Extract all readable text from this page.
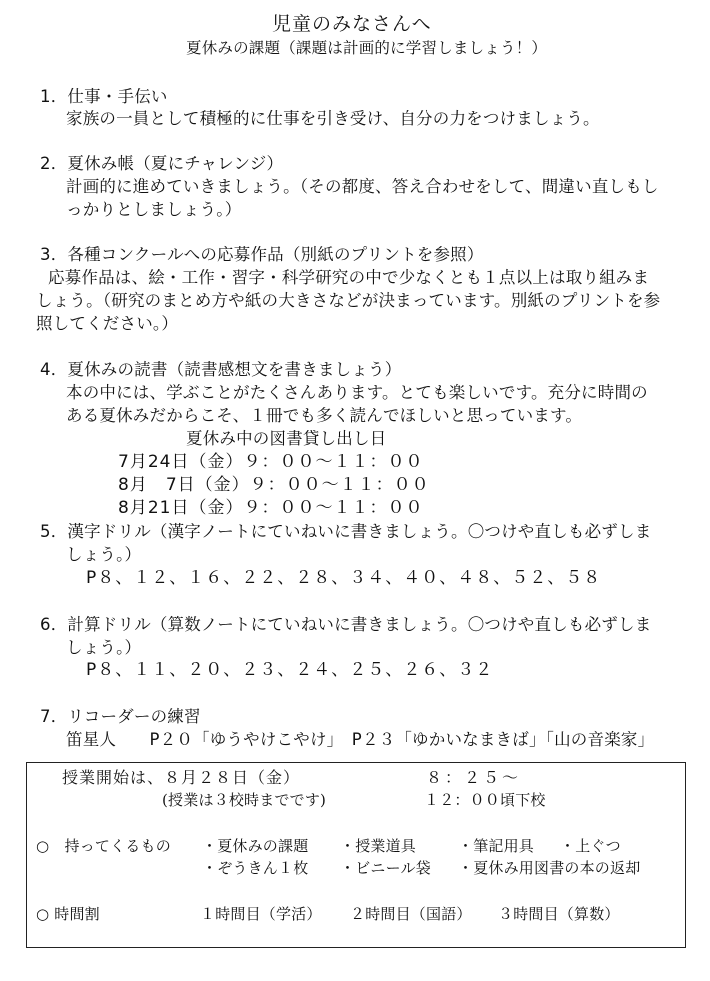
児童のみなさんへ
夏休みの課題（課題は計画的に学習しましょう！）
1．仕事・手伝い
家族の一員として積極的に仕事を引き受け、自分の力をつけましょう。
2．夏休み帳（夏にチャレンジ）
計画的に進めていきましょう。（その都度、答え合わせをして、間違い直しもし
っかりとしましょう。）
3．各種コンクールへの応募作品（別紙のプリントを参照）
応募作品は、絵・工作・習字・科学研究の中で少なくとも１点以上は取り組みま
しょう。（研究のまとめ方や紙の大きさなどが決まっています。別紙のプリントを参
照してください。）
4．夏休みの読書（読書感想文を書きましょう）
本の中には、学ぶことがたくさんあります。とても楽しいです。充分に時間の
ある夏休みだからこそ、１冊でも多く読んでほしいと思っています。
夏休み中の図書貸し出し日
7月24日（金）９：００～１１：００
8月　7日（金）９：００～１１：００
8月21日（金）９：００～１１：００
5．漢字ドリル（漢字ノートにていねいに書きましょう。〇つけや直しも必ずしま
しょう。）
P８、１２、１６、２２、２８、３４、４０、４８、５２、５８
6．計算ドリル（算数ノートにていねいに書きましょう。〇つけや直しも必ずしま
しょう。）
P８、１１、２０、２３、２４、２５、２６、３２
7．リコーダーの練習
笛星人　　P２０「ゆうやけこやけ」　P２３「ゆかいなまきば」「山の音楽家」
授業開始は、８月２８日（金）	８：２５～
(授業は３校時までです)	１２：００頃下校
○　持ってくるもの ・夏休みの課題 ・授業道具	・筆記用具 ・上ぐつ
・ぞうきん１枚 ・ビニール袋 ・夏休み用図書の本の返却
○ 時間割	１時間目（学活） ２時間目（国語） ３時間目（算数）
